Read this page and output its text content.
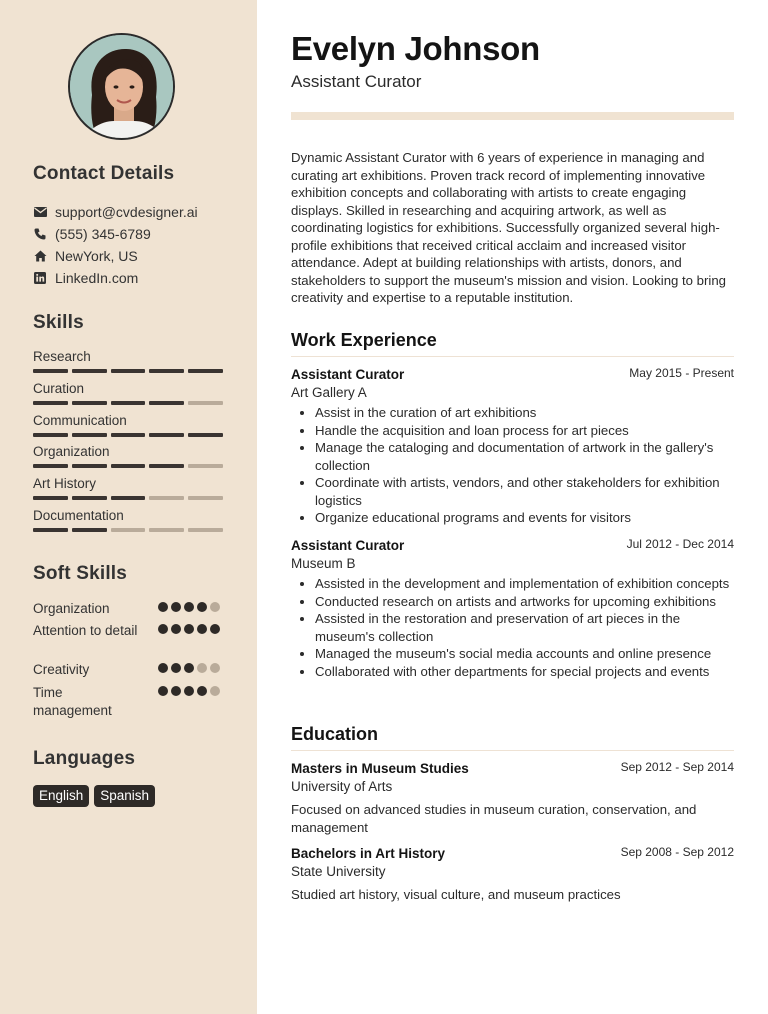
Contact Details
support@cvdesigner.ai
(555) 345-6789
NewYork, US
LinkedIn.com
Skills
Research
Curation
Communication
Organization
Art History
Documentation
Soft Skills
Organization
Attention to detail
Creativity
Time management
Languages
English	Spanish
Evelyn Johnson
Assistant Curator
Dynamic Assistant Curator with 6 years of experience in managing and curating art exhibitions. Proven track record of implementing innovative exhibition concepts and collaborating with artists to create engaging displays. Skilled in researching and acquiring artwork, as well as coordinating logistics for exhibitions. Successfully organized several high-profile exhibitions that received critical acclaim and increased visitor attendance. Adept at building relationships with artists, donors, and stakeholders to support the museum's mission and vision. Looking to bring creativity and expertise to a reputable institution.
Work Experience
Assistant Curator	May 2015 - Present
Art Gallery A
• Assist in the curation of art exhibitions
• Handle the acquisition and loan process for art pieces
• Manage the cataloging and documentation of artwork in the gallery's collection
• Coordinate with artists, vendors, and other stakeholders for exhibition logistics
• Organize educational programs and events for visitors
Assistant Curator	Jul 2012 - Dec 2014
Museum B
• Assisted in the development and implementation of exhibition concepts
• Conducted research on artists and artworks for upcoming exhibitions
• Assisted in the restoration and preservation of art pieces in the museum's collection
• Managed the museum's social media accounts and online presence
• Collaborated with other departments for special projects and events
Education
Masters in Museum Studies	Sep 2012 - Sep 2014
University of Arts
Focused on advanced studies in museum curation, conservation, and management
Bachelors in Art History	Sep 2008 - Sep 2012
State University
Studied art history, visual culture, and museum practices
